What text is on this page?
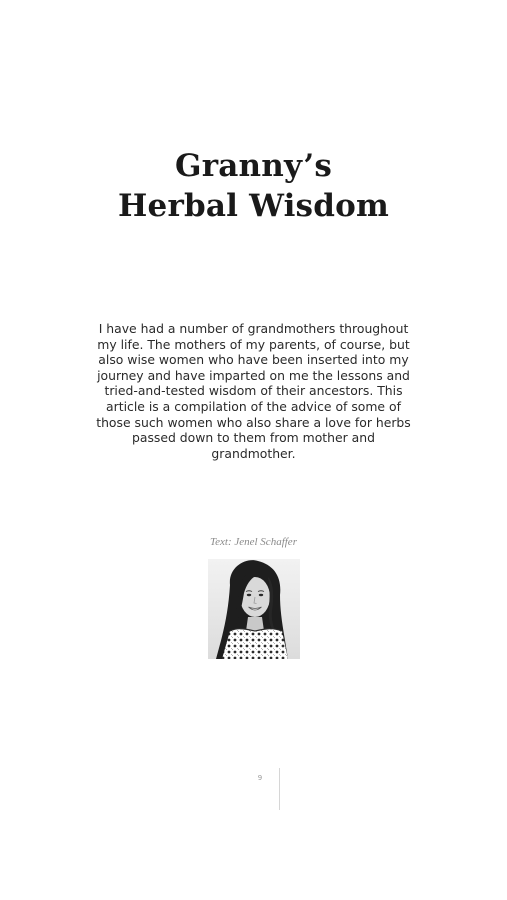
Granny’s
Herbal Wisdom

I have had a number of grandmothers throughout my life. The mothers of my parents, of course, but also wise women who have been inserted into my journey and have imparted on me the lessons and tried-and-tested wisdom of their ancestors. This article is a compilation of the advice of some of those such women who also share a love for herbs passed down to them from mother and grandmother.

Text: Jenel Schaffer
9
